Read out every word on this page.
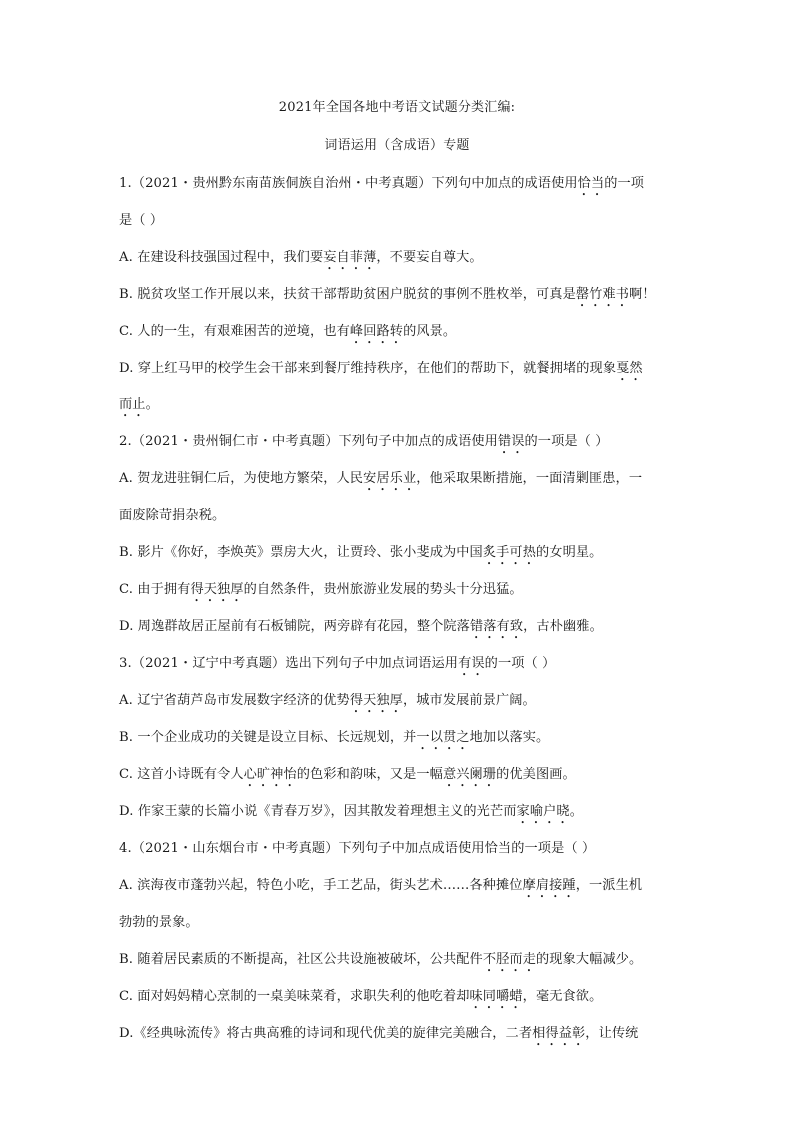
2021年全国各地中考语文试题分类汇编:
词语运用（含成语）专题
1.（2021・贵州黔东南苗族侗族自治州・中考真题）下列句中加点的成语使用恰当的一项
是（ ）
A. 在建设科技强国过程中，我们要妄自菲薄，不要妄自尊大。
B. 脱贫攻坚工作开展以来，扶贫干部帮助贫困户脱贫的事例不胜枚举，可真是罄竹难书啊！
C. 人的一生，有艰难困苦的逆境，也有峰回路转的风景。
D. 穿上红马甲的校学生会干部来到餐厅维持秩序，在他们的帮助下，就餐拥堵的现象戛然
而止。
2.（2021・贵州铜仁市・中考真题）下列句子中加点的成语使用错误的一项是（ ）
A. 贺龙进驻铜仁后，为使地方繁荣，人民安居乐业，他采取果断措施，一面清剿匪患，一
面废除苛捐杂税。
B. 影片《你好，李焕英》票房大火，让贾玲、张小斐成为中国炙手可热的女明星。
C. 由于拥有得天独厚的自然条件，贵州旅游业发展的势头十分迅猛。
D. 周逸群故居正屋前有石板铺院，两旁辟有花园，整个院落错落有致，古朴幽雅。
3.（2021・辽宁中考真题）选出下列句子中加点词语运用有误的一项（ ）
A. 辽宁省葫芦岛市发展数字经济的优势得天独厚，城市发展前景广阔。
B. 一个企业成功的关键是设立目标、长远规划，并一以贯之地加以落实。
C. 这首小诗既有令人心旷神怡的色彩和韵味，又是一幅意兴阑珊的优美图画。
D. 作家王蒙的长篇小说《青春万岁》，因其散发着理想主义的光芒而家喻户晓。
4.（2021・山东烟台市・中考真题）下列句子中加点成语使用恰当的一项是（ ）
A. 滨海夜市蓬勃兴起，特色小吃，手工艺品，街头艺术……各种摊位摩肩接踵，一派生机
勃勃的景象。
B. 随着居民素质的不断提高，社区公共设施被破坏，公共配件不胫而走的现象大幅减少。
C. 面对妈妈精心烹制的一桌美味菜肴，求职失利的他吃着却味同嚼蜡，毫无食欲。
D.《经典咏流传》将古典高雅的诗词和现代优美的旋律完美融合，二者相得益彰，让传统
